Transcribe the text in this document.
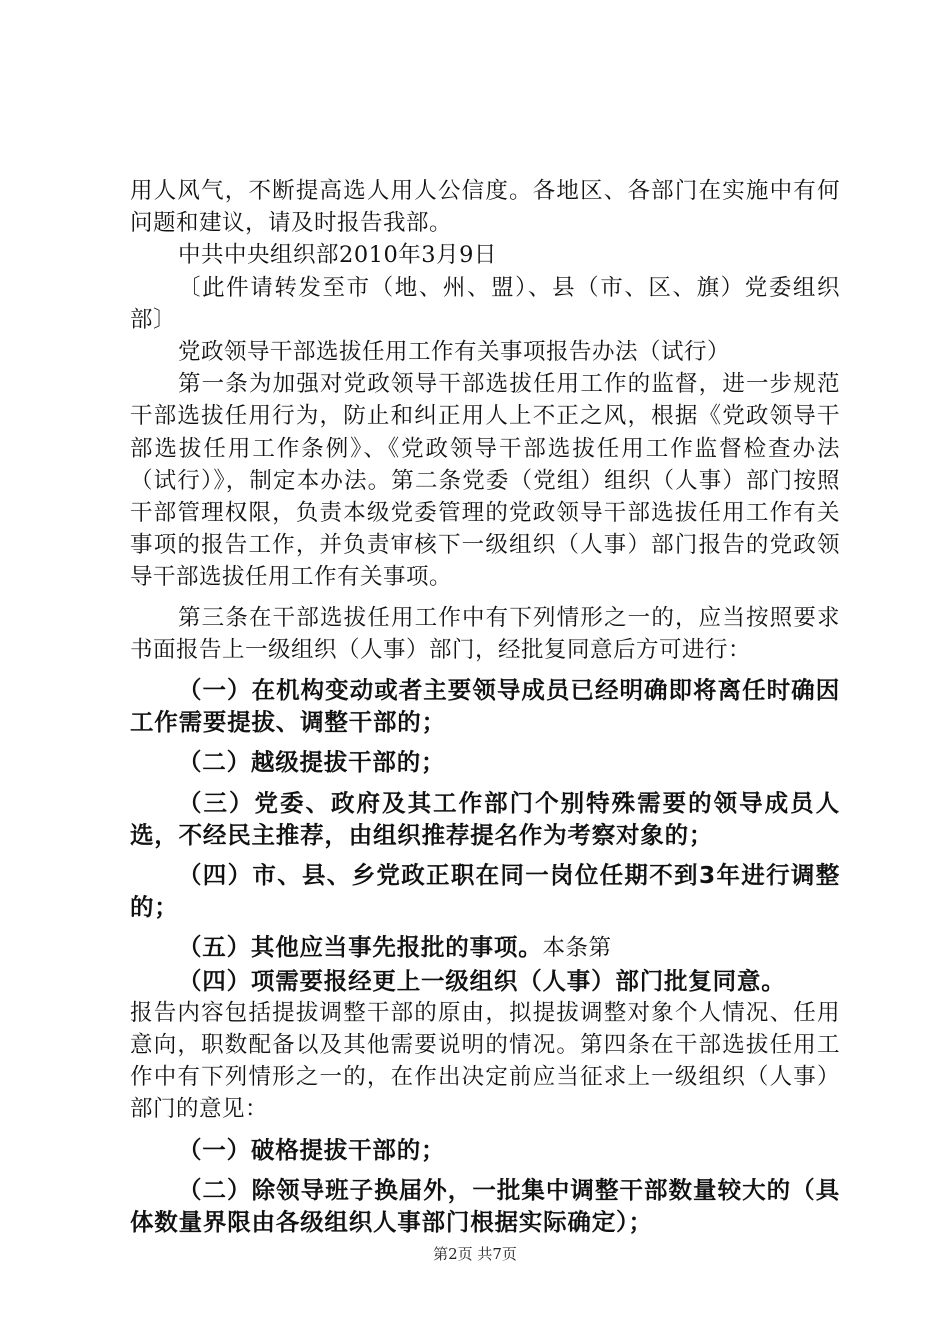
用人风气，不断提高选人用人公信度。各地区、各部门在实施中有何问题和建议，请及时报告我部。

中共中央组织部2010年3月9日

〔此件请转发至市（地、州、盟）、县（市、区、旗）党委组织部〕

党政领导干部选拔任用工作有关事项报告办法（试行）

第一条为加强对党政领导干部选拔任用工作的监督，进一步规范干部选拔任用行为，防止和纠正用人上不正之风，根据《党政领导干部选拔任用工作条例》、《党政领导干部选拔任用工作监督检查办法（试行）》，制定本办法。第二条党委（党组）组织（人事）部门按照干部管理权限，负责本级党委管理的党政领导干部选拔任用工作有关事项的报告工作，并负责审核下一级组织（人事）部门报告的党政领导干部选拔任用工作有关事项。

第三条在干部选拔任用工作中有下列情形之一的，应当按照要求书面报告上一级组织（人事）部门，经批复同意后方可进行：

（一）在机构变动或者主要领导成员已经明确即将离任时确因工作需要提拔、调整干部的；

（二）越级提拔干部的；

（三）党委、政府及其工作部门个别特殊需要的领导成员人选，不经民主推荐，由组织推荐提名作为考察对象的；

（四）市、县、乡党政正职在同一岗位任期不到3年进行调整的；

（五）其他应当事先报批的事项。本条第

（四）项需要报经更上一级组织（人事）部门批复同意。

报告内容包括提拔调整干部的原由，拟提拔调整对象个人情况、任用意向，职数配备以及其他需要说明的情况。第四条在干部选拔任用工作中有下列情形之一的，在作出决定前应当征求上一级组织（人事）部门的意见：

（一）破格提拔干部的；

（二）除领导班子换届外，一批集中调整干部数量较大的（具体数量界限由各级组织人事部门根据实际确定）；

第2页 共7页
